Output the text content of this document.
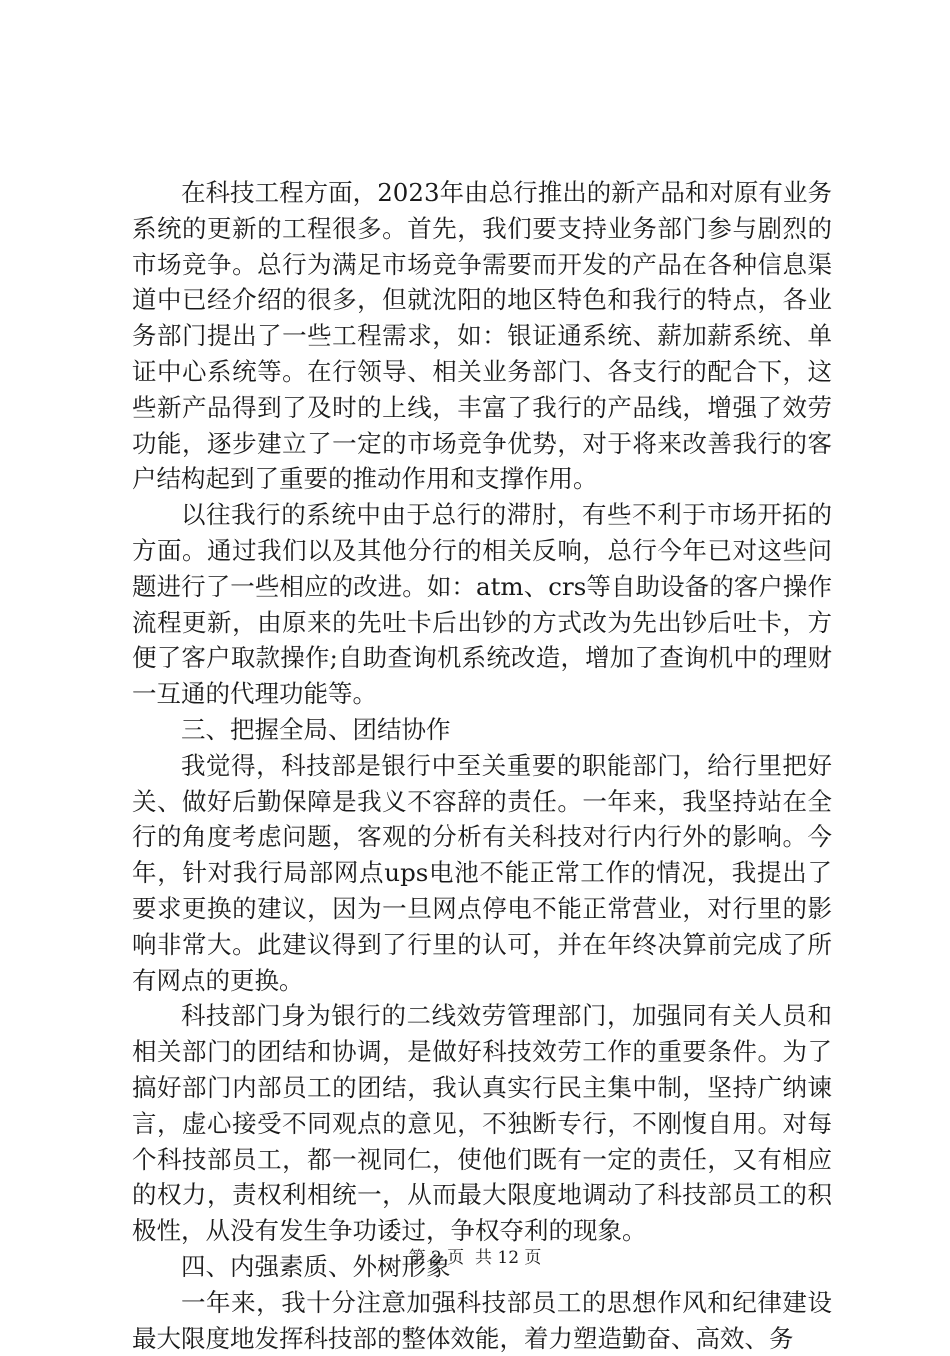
在科技工程方面，2023年由总行推出的新产品和对原有业务系统的更新的工程很多。首先，我们要支持业务部门参与剧烈的市场竞争。总行为满足市场竞争需要而开发的产品在各种信息渠道中已经介绍的很多，但就沈阳的地区特色和我行的特点，各业务部门提出了一些工程需求，如：银证通系统、薪加薪系统、单证中心系统等。在行领导、相关业务部门、各支行的配合下，这些新产品得到了及时的上线，丰富了我行的产品线，增强了效劳功能，逐步建立了一定的市场竞争优势，对于将来改善我行的客户结构起到了重要的推动作用和支撑作用。

以往我行的系统中由于总行的滞肘，有些不利于市场开拓的方面。通过我们以及其他分行的相关反响，总行今年已对这些问题进行了一些相应的改进。如：atm、crs等自助设备的客户操作流程更新，由原来的先吐卡后出钞的方式改为先出钞后吐卡，方便了客户取款操作;自助查询机系统改造，增加了查询机中的理财一互通的代理功能等。

三、把握全局、团结协作

我觉得，科技部是银行中至关重要的职能部门，给行里把好关、做好后勤保障是我义不容辞的责任。一年来，我坚持站在全行的角度考虑问题，客观的分析有关科技对行内行外的影响。今年，针对我行局部网点ups电池不能正常工作的情况，我提出了要求更换的建议，因为一旦网点停电不能正常营业，对行里的影响非常大。此建议得到了行里的认可，并在年终决算前完成了所有网点的更换。

科技部门身为银行的二线效劳管理部门，加强同有关人员和相关部门的团结和协调，是做好科技效劳工作的重要条件。为了搞好部门内部员工的团结，我认真实行民主集中制，坚持广纳谏言，虚心接受不同观点的意见，不独断专行，不刚愎自用。对每个科技部员工，都一视同仁，使他们既有一定的责任，又有相应的权力，责权利相统一，从而最大限度地调动了科技部员工的积极性，从没有发生争功诿过，争权夺利的现象。

四、内强素质、外树形象

一年来，我十分注意加强科技部员工的思想作风和纪律建设最大限度地发挥科技部的整体效能，着力塑造勤奋、高效、务

第 2 页  共 12 页
